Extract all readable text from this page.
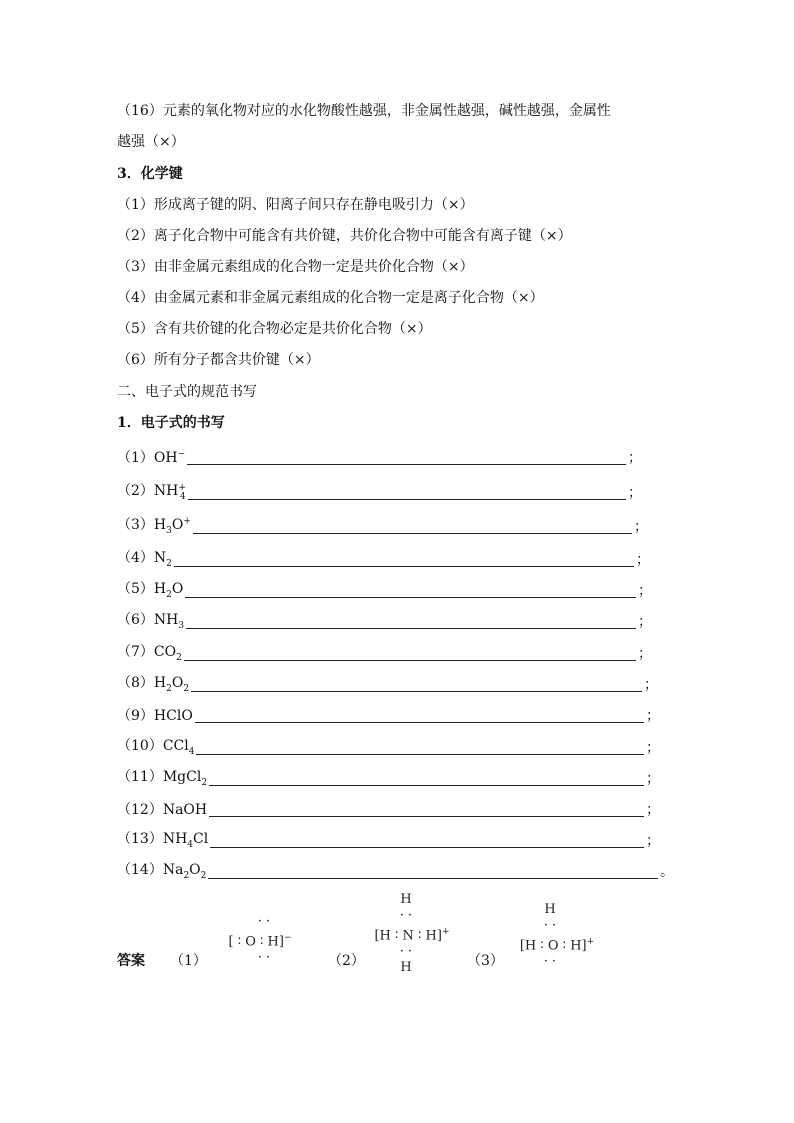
（16）元素的氧化物对应的水化物酸性越强，非金属性越强，碱性越强，金属性
越强（×）
3．化学键
（1）形成离子键的阴、阳离子间只存在静电吸引力（×）
（2）离子化合物中可能含有共价键，共价化合物中可能含有离子键（×）
（3）由非金属元素组成的化合物一定是共价化合物（×）
（4）由金属元素和非金属元素组成的化合物一定是离子化合物（×）
（5）含有共价键的化合物必定是共价化合物（×）
（6）所有分子都含共价键（×）
二、电子式的规范书写
1．电子式的书写
（1）OH−	；
$(2)NH^+_4$	；
$(3)H_3O^+$	；
$(4)N_2$	；
$(5)H_2O$	；
$(6)NH_3$	；
$(7)CO_2$	；
$(8)H_2O_2$	；
（9）HClO	；
（10）CCl$_4$	；
（11）MgCl$_2$	；
（12）NaOH	；
$(13)NH_4Cl$	；
$(14)Na_2O_2$	。
答案 （1）	（2）	（3）
· ·
[ ∶ O ∶ H]−
· ·
H
· ·
[H ∶ N ∶ H]+
· ·
H
H
· ·
[H ∶ O ∶ H]+
· ·
